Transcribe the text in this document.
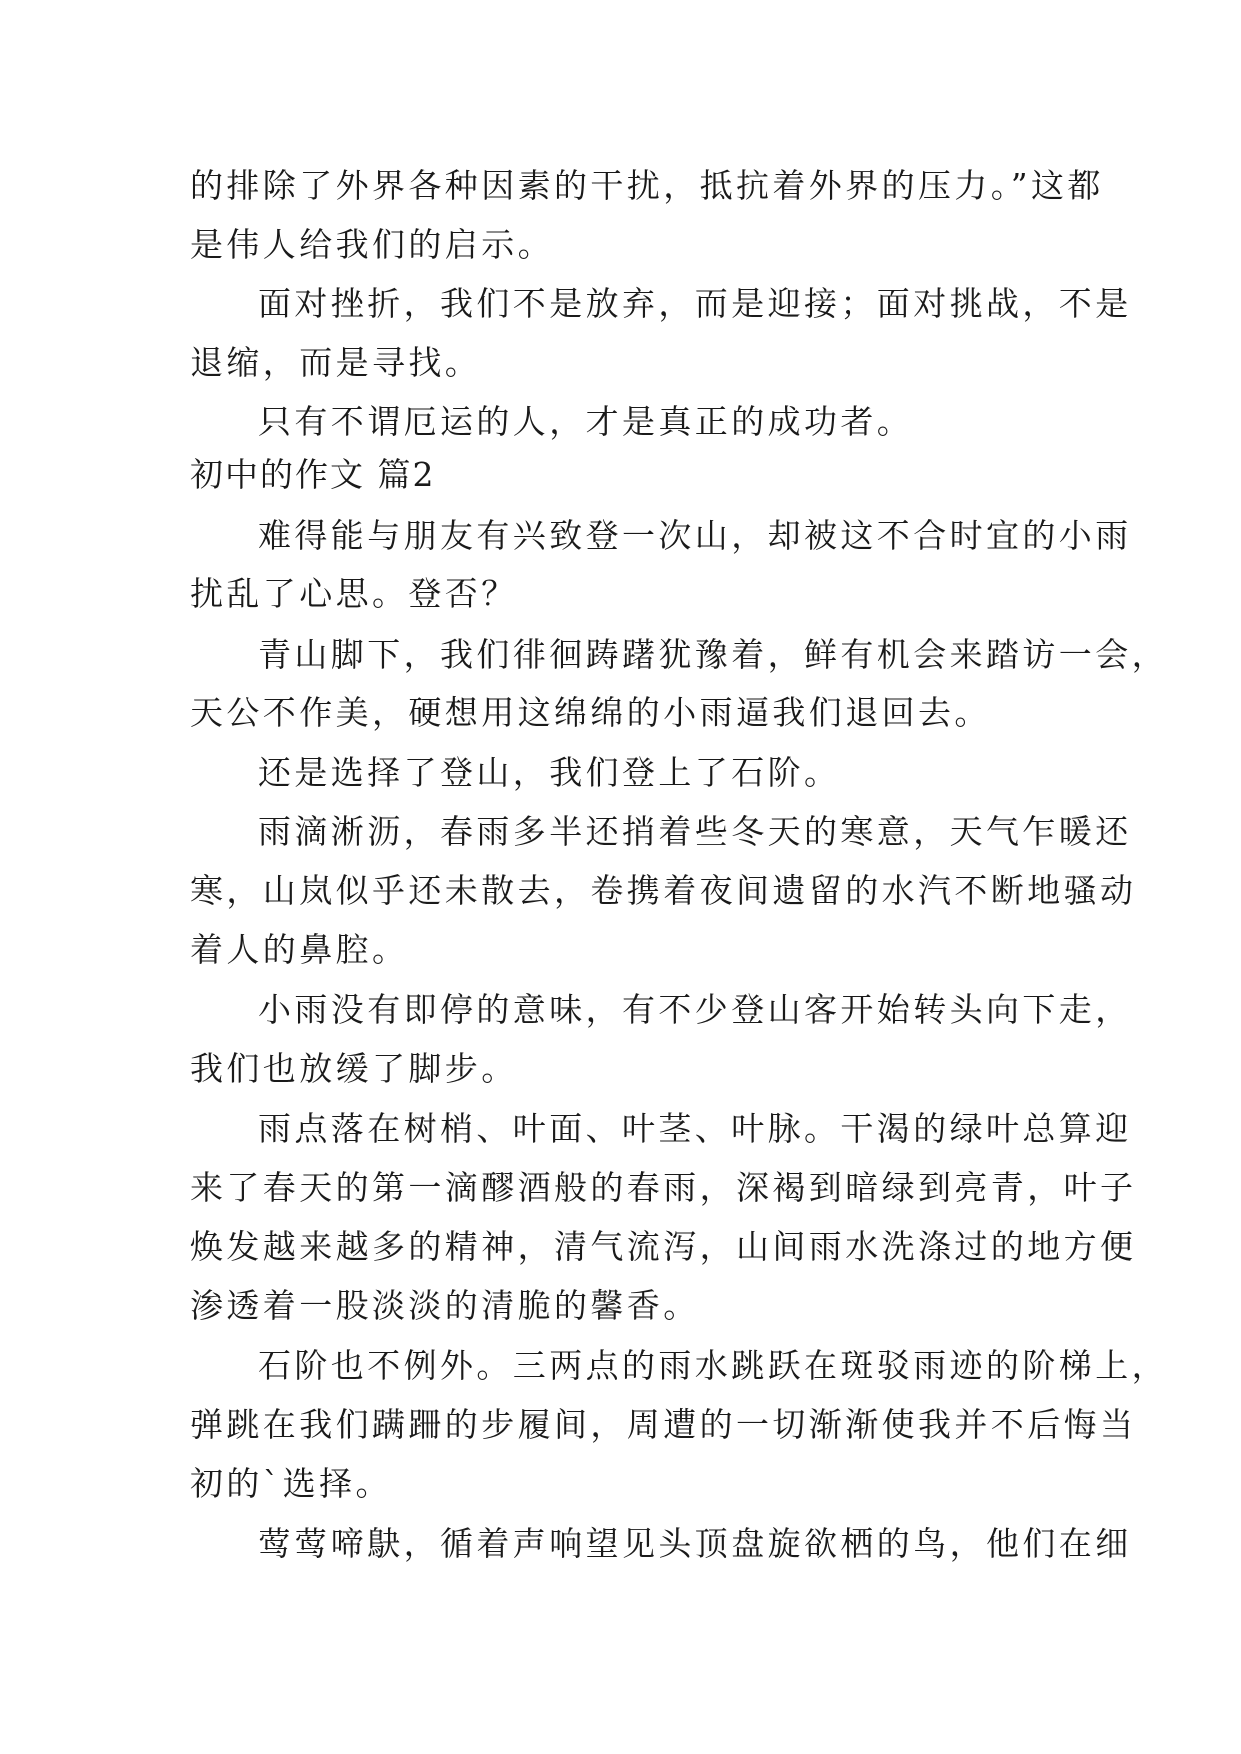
的排除了外界各种因素的干扰，抵抗着外界的压力。”这都
是伟人给我们的启示。
面对挫折，我们不是放弃，而是迎接；面对挑战，不是
退缩，而是寻找。
只有不谓厄运的人，才是真正的成功者。
初中的作文 篇2
难得能与朋友有兴致登一次山，却被这不合时宜的小雨
扰乱了心思。登否？
青山脚下，我们徘徊踌躇犹豫着，鲜有机会来踏访一会，
天公不作美，硬想用这绵绵的小雨逼我们退回去。
还是选择了登山，我们登上了石阶。
雨滴淅沥，春雨多半还捎着些冬天的寒意，天气乍暖还
寒，山岚似乎还未散去，卷携着夜间遗留的水汽不断地骚动
着人的鼻腔。
小雨没有即停的意味，有不少登山客开始转头向下走，
我们也放缓了脚步。
雨点落在树梢、叶面、叶茎、叶脉。干渴的绿叶总算迎
来了春天的第一滴醪酒般的春雨，深褐到暗绿到亮青，叶子
焕发越来越多的精神，清气流泻，山间雨水洗涤过的地方便
渗透着一股淡淡的清脆的馨香。
石阶也不例外。三两点的雨水跳跃在斑驳雨迹的阶梯上，
弹跳在我们蹒跚的步履间，周遭的一切渐渐使我并不后悔当
初的`选择。
莺莺啼鴃，循着声响望见头顶盘旋欲栖的鸟，他们在细
